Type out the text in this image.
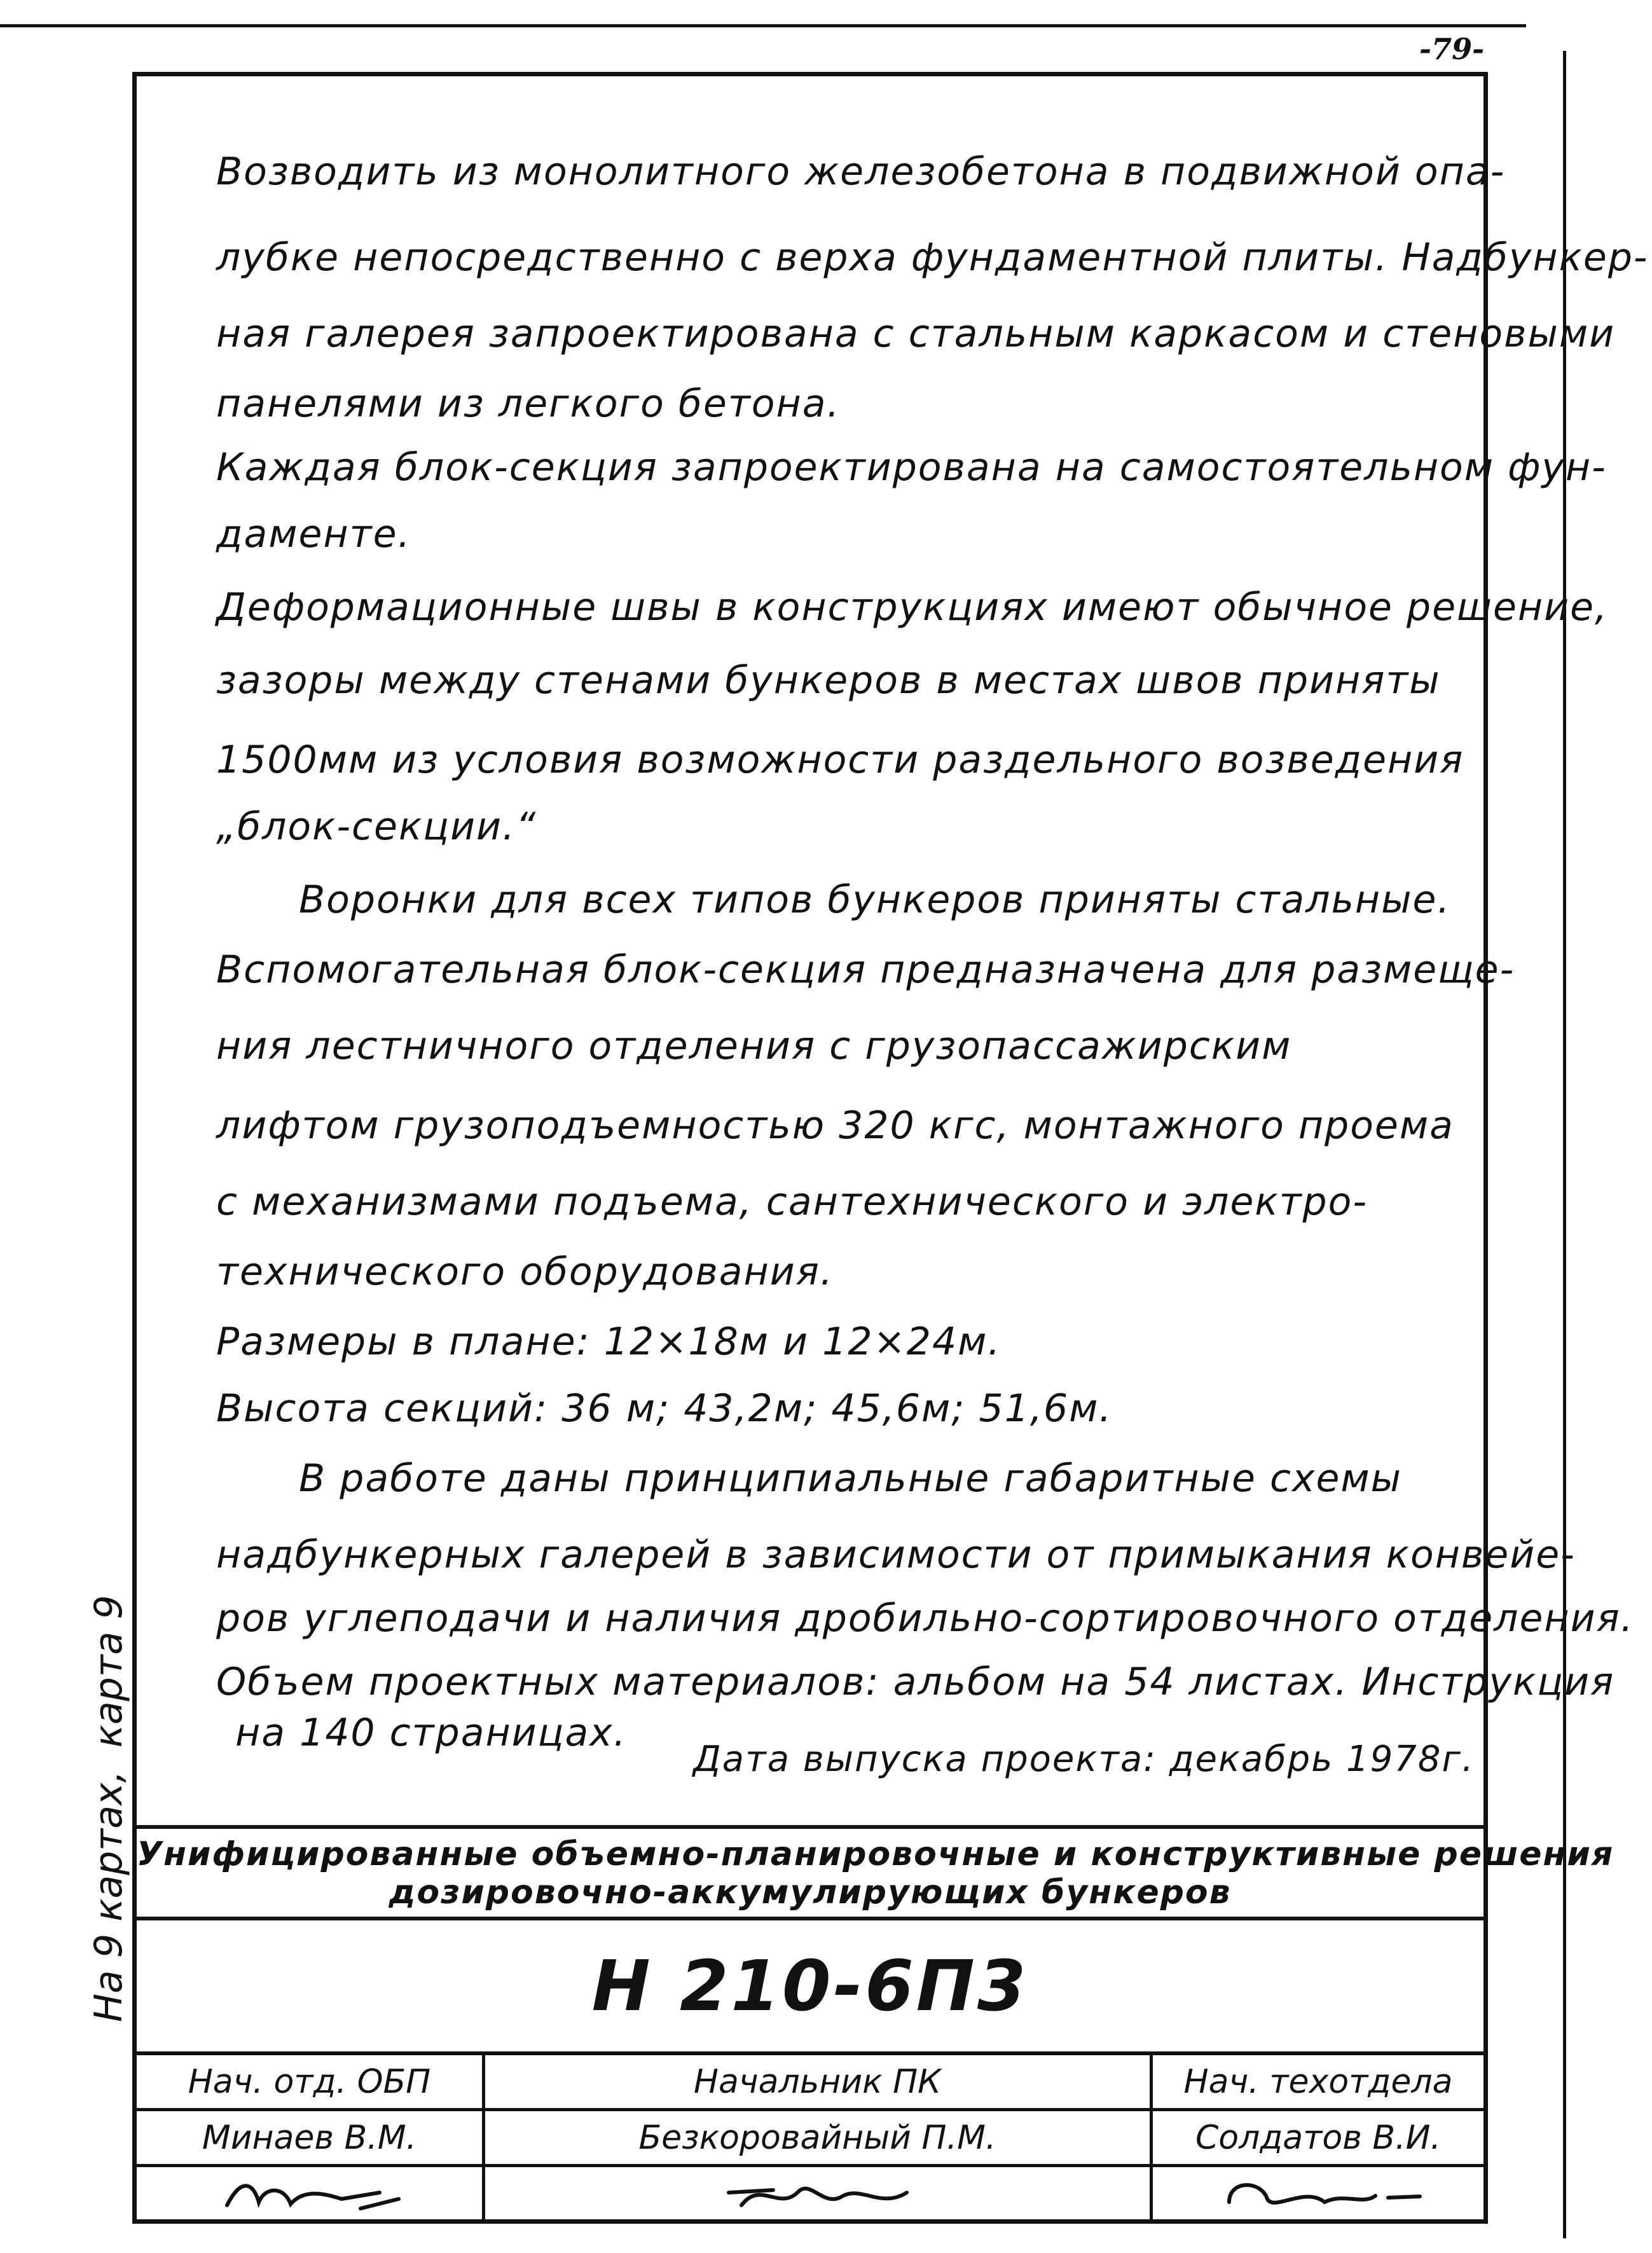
-79-
Возводить из монолитного железобетона в подвижной опа-
лубке непосредственно с верха фундаментной плиты. Надбункер-
ная галерея запроектирована с стальным каркасом и стеновыми
панелями из легкого бетона.
Каждая блок-секция запроектирована на самостоятельном фун-
даменте.
Деформационные швы в конструкциях имеют обычное решение,
зазоры между стенами бункеров в местах швов приняты
1500мм из условия возможности раздельного возведения
„блок-секции.“
Воронки для всех типов бункеров приняты стальные.
Вспомогательная блок-секция предназначена для размеще-
ния лестничного отделения с грузопассажирским
лифтом грузоподъемностью 320 кгс, монтажного проема
с механизмами подъема, сантехнического и электро-
технического оборудования.
Размеры в плане: 12×18м и 12×24м.
Высота секций: 36 м; 43,2м; 45,6м; 51,6м.
В работе даны принципиальные габаритные схемы
надбункерных галерей в зависимости от примыкания конвейе-
ров углеподачи и наличия дробильно-сортировочного отделения.
Объем проектных материалов: альбом на 54 листах. Инструкция
на 140 страницах.
Дата выпуска проекта: декабрь 1978г.
На 9 картах,
карта 9
Унифицированные объемно-планировочные и конструктивные решения
дозировочно-аккумулирующих бункеров
Н 210-6П3
Нач. отд. ОБП	Начальник ПК	Нач. техотдела
Минаев В.М.	Безкоровайный П.М.	Солдатов В.И.
